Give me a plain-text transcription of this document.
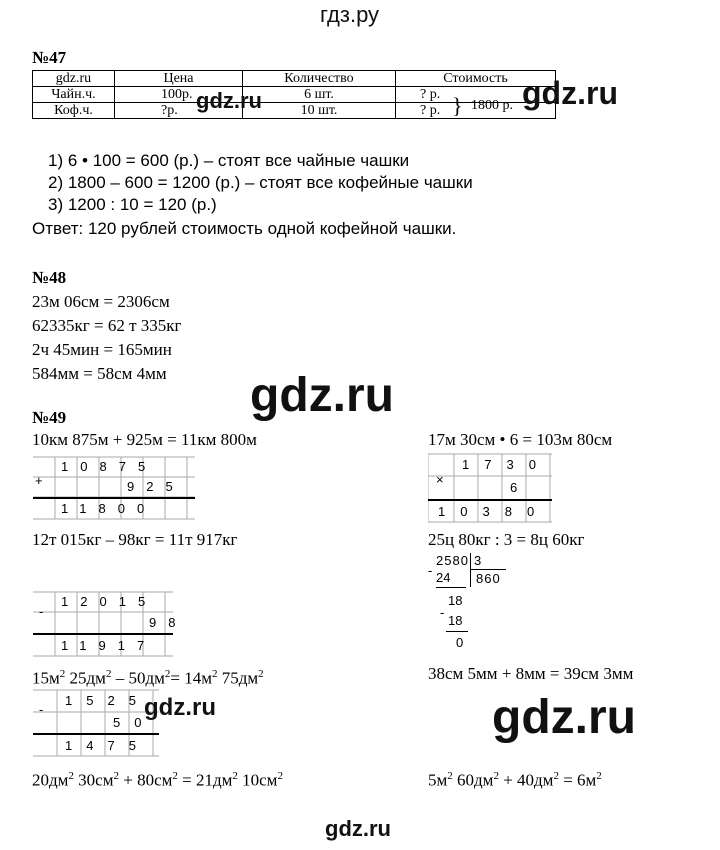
гдз.ру
№47
gdz.ru	Цена	Количество	Стоимость
Чайн.ч.	100р.	6 шт.	? р.
Коф.ч.	?р.	10 шт.	? р. } 1800 р.
gdz.ru	gdz.ru
1) 6 • 100 = 600 (р.) – стоят все чайные чашки
2) 1800 – 600 = 1200 (р.) – стоят все кофейные чашки
3) 1200 : 10 = 120 (р.)
Ответ: 120 рублей стоимость одной кофейной чашки.
№48
23м 06см = 2306см
62335кг = 62 т 335кг
2ч 45мин = 165мин
584мм = 58см 4мм	gdz.ru
№49
10км 875м + 925м = 11км 800м	17м 30см • 6 = 103м 80см
+
10875
925
11800
×
1730
6
10380
12т 015кг – 98кг = 11т 917кг	25ц 80кг : 3 = 8ц 60кг
2580 3
860
- 24
18
-
18
0
-
12015
98
11917
$15м^2$ $25дм^2 - 50дм^2= 14м^2$ $75дм^2$	38см 5мм + 8мм = 39см 3мм
-
1525
50
1475
gdz.ru	gdz.ru
$20дм^2$ $30см^2 + 80см^2 = 21дм^2$ $10см^2$	$5м^2$ $60дм^2 + 40дм^2 = 6м^2$
gdz.ru
